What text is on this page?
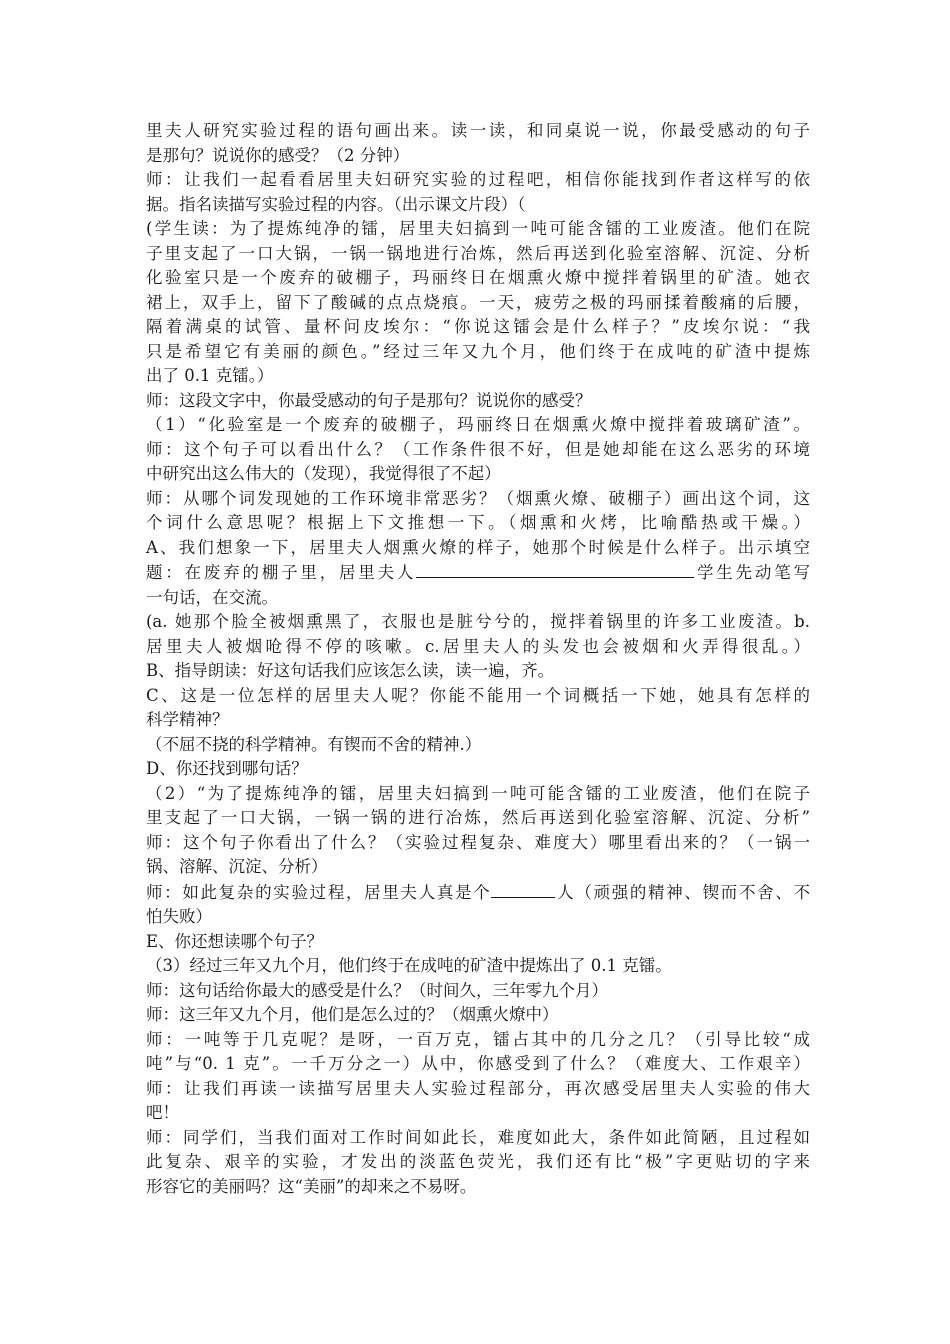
里夫人研究实验过程的语句画出来。读一读，和同桌说一说，你最受感动的句子
是那句？说说你的感受？（2 分钟）
师：让我们一起看看居里夫妇研究实验的过程吧，相信你能找到作者这样写的依
据。指名读描写实验过程的内容。（出示课文片段）（
(学生读：为了提炼纯净的镭，居里夫妇搞到一吨可能含镭的工业废渣。他们在院
子里支起了一口大锅，一锅一锅地进行冶炼，然后再送到化验室溶解、沉淀、分析
化验室只是一个废弃的破棚子，玛丽终日在烟熏火燎中搅拌着锅里的矿渣。她衣
裙上，双手上，留下了酸碱的点点烧痕。一天，疲劳之极的玛丽揉着酸痛的后腰，
隔着满桌的试管、量杯问皮埃尔：“你说这镭会是什么样子？”皮埃尔说：“我
只是希望它有美丽的颜色。”经过三年又九个月，他们终于在成吨的矿渣中提炼
出了 0.1 克镭。）
师：这段文字中，你最受感动的句子是那句？说说你的感受？
（1）“化验室是一个废弃的破棚子，玛丽终日在烟熏火燎中搅拌着玻璃矿渣”。
师：这个句子可以看出什么？（工作条件很不好，但是她却能在这么恶劣的环境
中研究出这么伟大的（发现），我觉得很了不起）
师：从哪个词发现她的工作环境非常恶劣？（烟熏火燎、破棚子）画出这个词，这
个词什么意思呢？根据上下文推想一下。（烟熏和火烤，比喻酷热或干燥。）
A、我们想象一下，居里夫人烟熏火燎的样子，她那个时候是什么样子。出示填空
题：在废弃的棚子里，居里夫人	学生先动笔写
一句话，在交流。
(a. 她那个脸全被烟熏黑了，衣服也是脏兮兮的，搅拌着锅里的许多工业废渣。b.
居里夫人被烟呛得不停的咳嗽。c.居里夫人的头发也会被烟和火弄得很乱。）
B、指导朗读：好这句话我们应该怎么读，读一遍，齐。
C、这是一位怎样的居里夫人呢？你能不能用一个词概括一下她，她具有怎样的
科学精神？
（不屈不挠的科学精神。有锲而不舍的精神.）
D、你还找到哪句话？
（2）“为了提炼纯净的镭，居里夫妇搞到一吨可能含镭的工业废渣，他们在院子
里支起了一口大锅，一锅一锅的进行冶炼，然后再送到化验室溶解、沉淀、分析”
师：这个句子你看出了什么？（实验过程复杂、难度大）哪里看出来的？（一锅一
锅、溶解、沉淀、分析）
师：如此复杂的实验过程，居里夫人真是个	人（顽强的精神、锲而不舍、不
怕失败）
E、你还想读哪个句子？
（3）经过三年又九个月，他们终于在成吨的矿渣中提炼出了 0.1 克镭。
师：这句话给你最大的感受是什么？（时间久，三年零九个月）
师：这三年又九个月，他们是怎么过的？（烟熏火燎中）
师：一吨等于几克呢？是呀，一百万克，镭占其中的几分之几？（引导比较“成
吨”与“0. 1 克”。一千万分之一）从中，你感受到了什么？（难度大、工作艰辛）
师：让我们再读一读描写居里夫人实验过程部分，再次感受居里夫人实验的伟大
吧！
师：同学们，当我们面对工作时间如此长，难度如此大，条件如此简陋，且过程如
此复杂、艰辛的实验，才发出的淡蓝色荧光，我们还有比“极”字更贴切的字来
形容它的美丽吗？这“美丽”的却来之不易呀。
